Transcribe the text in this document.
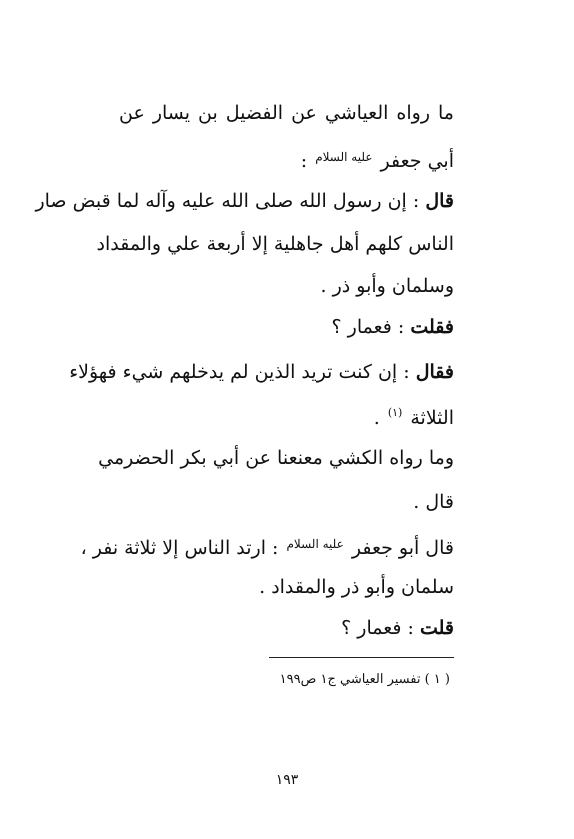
ما رواه العياشي عن الفضيل بن يسار عن
أبي جعفر $^{عليه السلام}$ :
قال : إن رسول الله صلى الله عليه وآله لما قبض صار
الناس كلهم أهل جاهلية إلا أربعة علي والمقداد
وسلمان وأبو ذر .
فقلت : فعمار ؟
فقال : إن كنت تريد الذين لم يدخلهم شيء فهؤلاء
الثلاثة $^{(١)}$ .
وما رواه الكشي معنعنا عن أبي بكر الحضرمي
قال .
قال أبو جعفر $^{عليه السلام}$ : ارتد الناس إلا ثلاثة نفر ،
سلمان وأبو ذر والمقداد .
قلت : فعمار ؟
( ١ ) تفسير العياشي ج١ ص١٩٩
١٩٣
